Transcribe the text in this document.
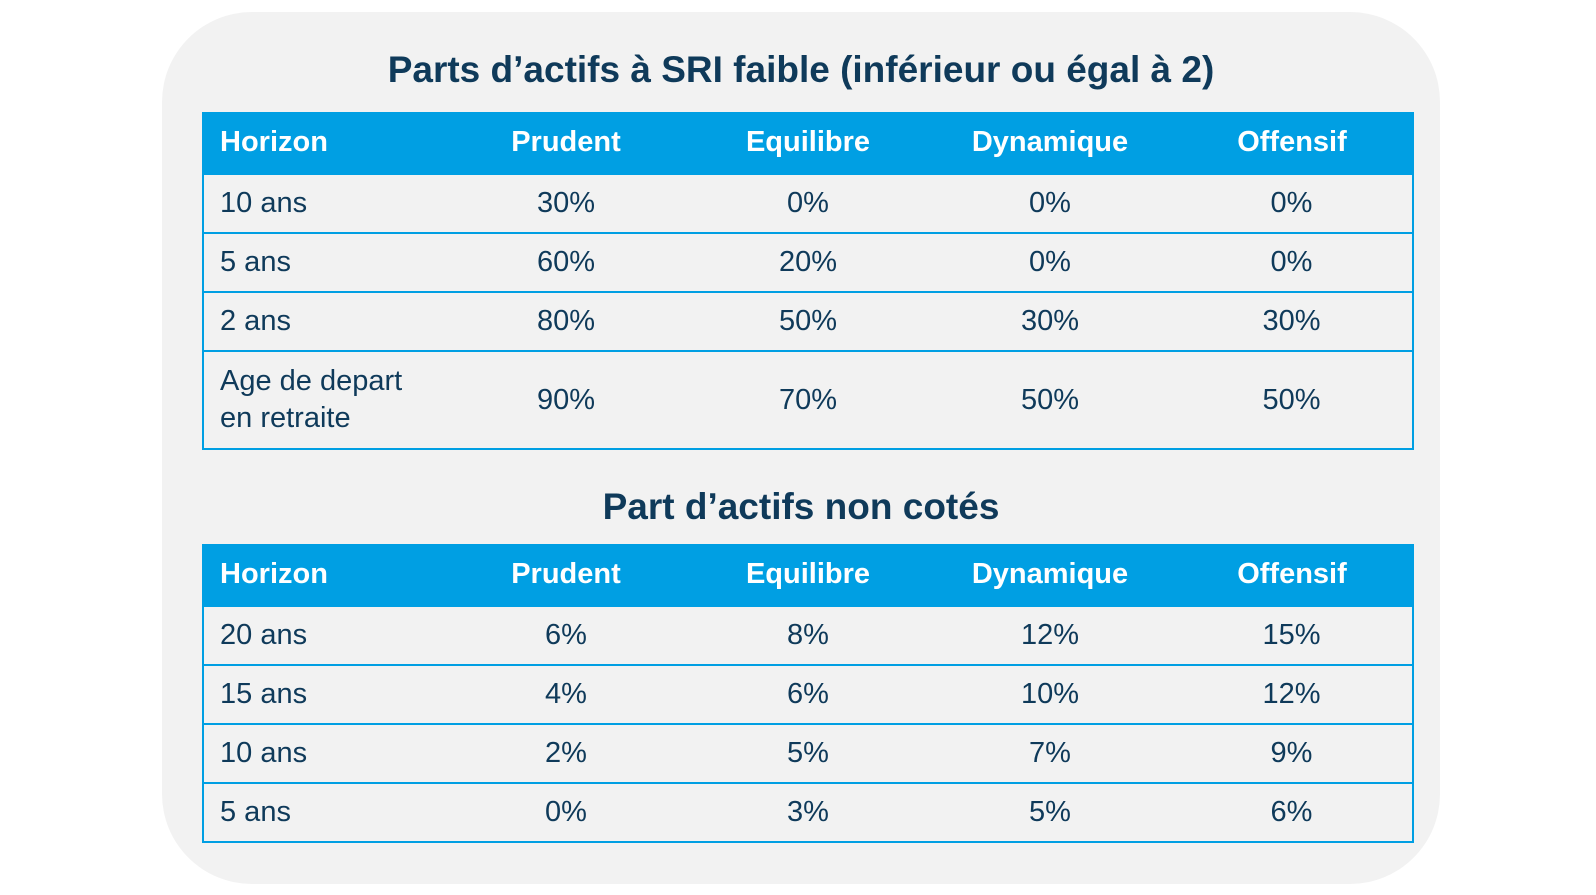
Parts d’actifs à SRI faible (inférieur ou égal à 2)
Horizon	Prudent	Equilibre	Dynamique	Offensif
10 ans	30%	0%	0%	0%
5 ans	60%	20%	0%	0%
2 ans	80%	50%	30%	30%
Age de depart
en retraite	90%	70%	50%	50%
Part d’actifs non cotés
Horizon	Prudent	Equilibre	Dynamique	Offensif
20 ans	6%	8%	12%	15%
15 ans	4%	6%	10%	12%
10 ans	2%	5%	7%	9%
5 ans	0%	3%	5%	6%
